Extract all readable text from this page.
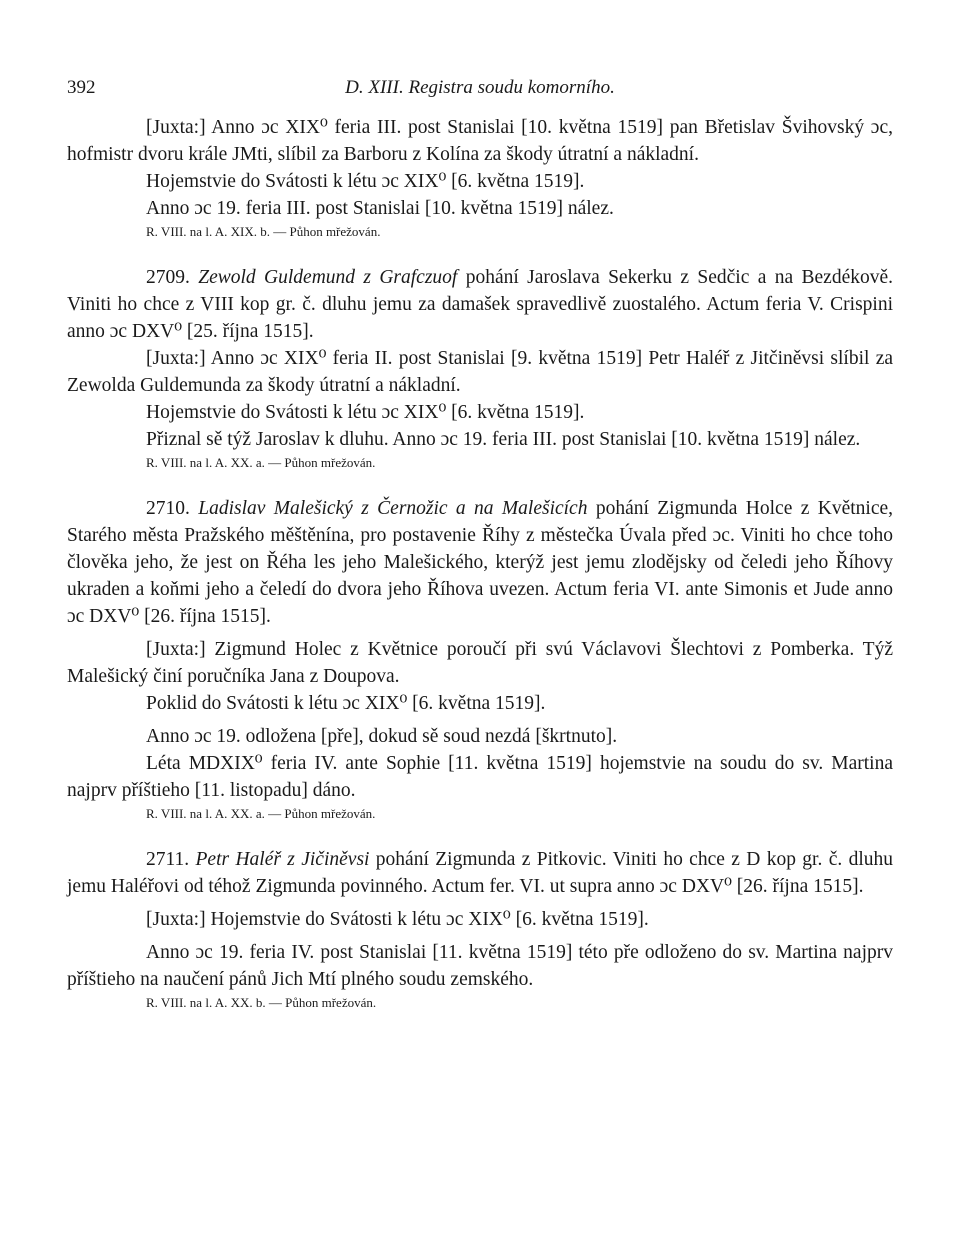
392	D. XIII. Registra soudu komorního.

[Juxta:] Anno ɔc XIX⁰ feria III. post Stanislai [10. května 1519] pan Břetislav Švihovský ɔc, hofmistr dvoru krále JMti, slíbil za Barboru z Kolína za škody útratní a nákladní.

Hojemstvie do Svátosti k létu ɔc XIX⁰ [6. května 1519].

Anno ɔc 19. feria III. post Stanislai [10. května 1519] nález.

R. VIII. na l. A. XIX. b. — Půhon mřežován.

2709. Zewold Guldemund z Grafczuof pohání Jaroslava Sekerku z Sedčic a na Bezdékově. Viniti ho chce z VIII kop gr. č. dluhu jemu za damašek spravedlivě zuostalého. Actum feria V. Crispini anno ɔc DXV⁰ [25. října 1515].

[Juxta:] Anno ɔc XIX⁰ feria II. post Stanislai [9. května 1519] Petr Haléř z Jitčiněvsi slíbil za Zewolda Guldemunda za škody útratní a nákladní.

Hojemstvie do Svátosti k létu ɔc XIX⁰ [6. května 1519].

Přiznal sě týž Jaroslav k dluhu. Anno ɔc 19. feria III. post Stanislai [10. května 1519] nález.

R. VIII. na l. A. XX. a. — Půhon mřežován.

2710. Ladislav Malešický z Černožic a na Malešicích pohání Zigmunda Holce z Květnice, Starého města Pražského měštěnína, pro postavenie Říhy z městečka Úvala před ɔc. Viniti ho chce toho člověka jeho, že jest on Řéha les jeho Malešického, kterýž jest jemu zlodějsky od čeledi jeho Říhovy ukraden a koňmi jeho a čeledí do dvora jeho Říhova uvezen. Actum feria VI. ante Simonis et Jude anno ɔc DXV⁰ [26. října 1515].

[Juxta:] Zigmund Holec z Květnice poroučí při svú Václavovi Šlechtovi z Pomberka. Týž Malešický činí poručníka Jana z Doupova.

Poklid do Svátosti k létu ɔc XIX⁰ [6. května 1519].

Anno ɔc 19. odložena [pře], dokud sě soud nezdá [škrtnuto].

Léta MDXIX⁰ feria IV. ante Sophie [11. května 1519] hojemstvie na soudu do sv. Martina najprv příštieho [11. listopadu] dáno.

R. VIII. na l. A. XX. a. — Půhon mřežován.

2711. Petr Haléř z Jičiněvsi pohání Zigmunda z Pitkovic. Viniti ho chce z D kop gr. č. dluhu jemu Haléřovi od téhož Zigmunda povinného. Actum fer. VI. ut supra anno ɔc DXV⁰ [26. října 1515].

[Juxta:] Hojemstvie do Svátosti k létu ɔc XIX⁰ [6. května 1519].

Anno ɔc 19. feria IV. post Stanislai [11. května 1519] této pře odloženo do sv. Martina najprv příštieho na naučení pánů Jich Mtí plného soudu zemského.

R. VIII. na l. A. XX. b. — Půhon mřežován.
